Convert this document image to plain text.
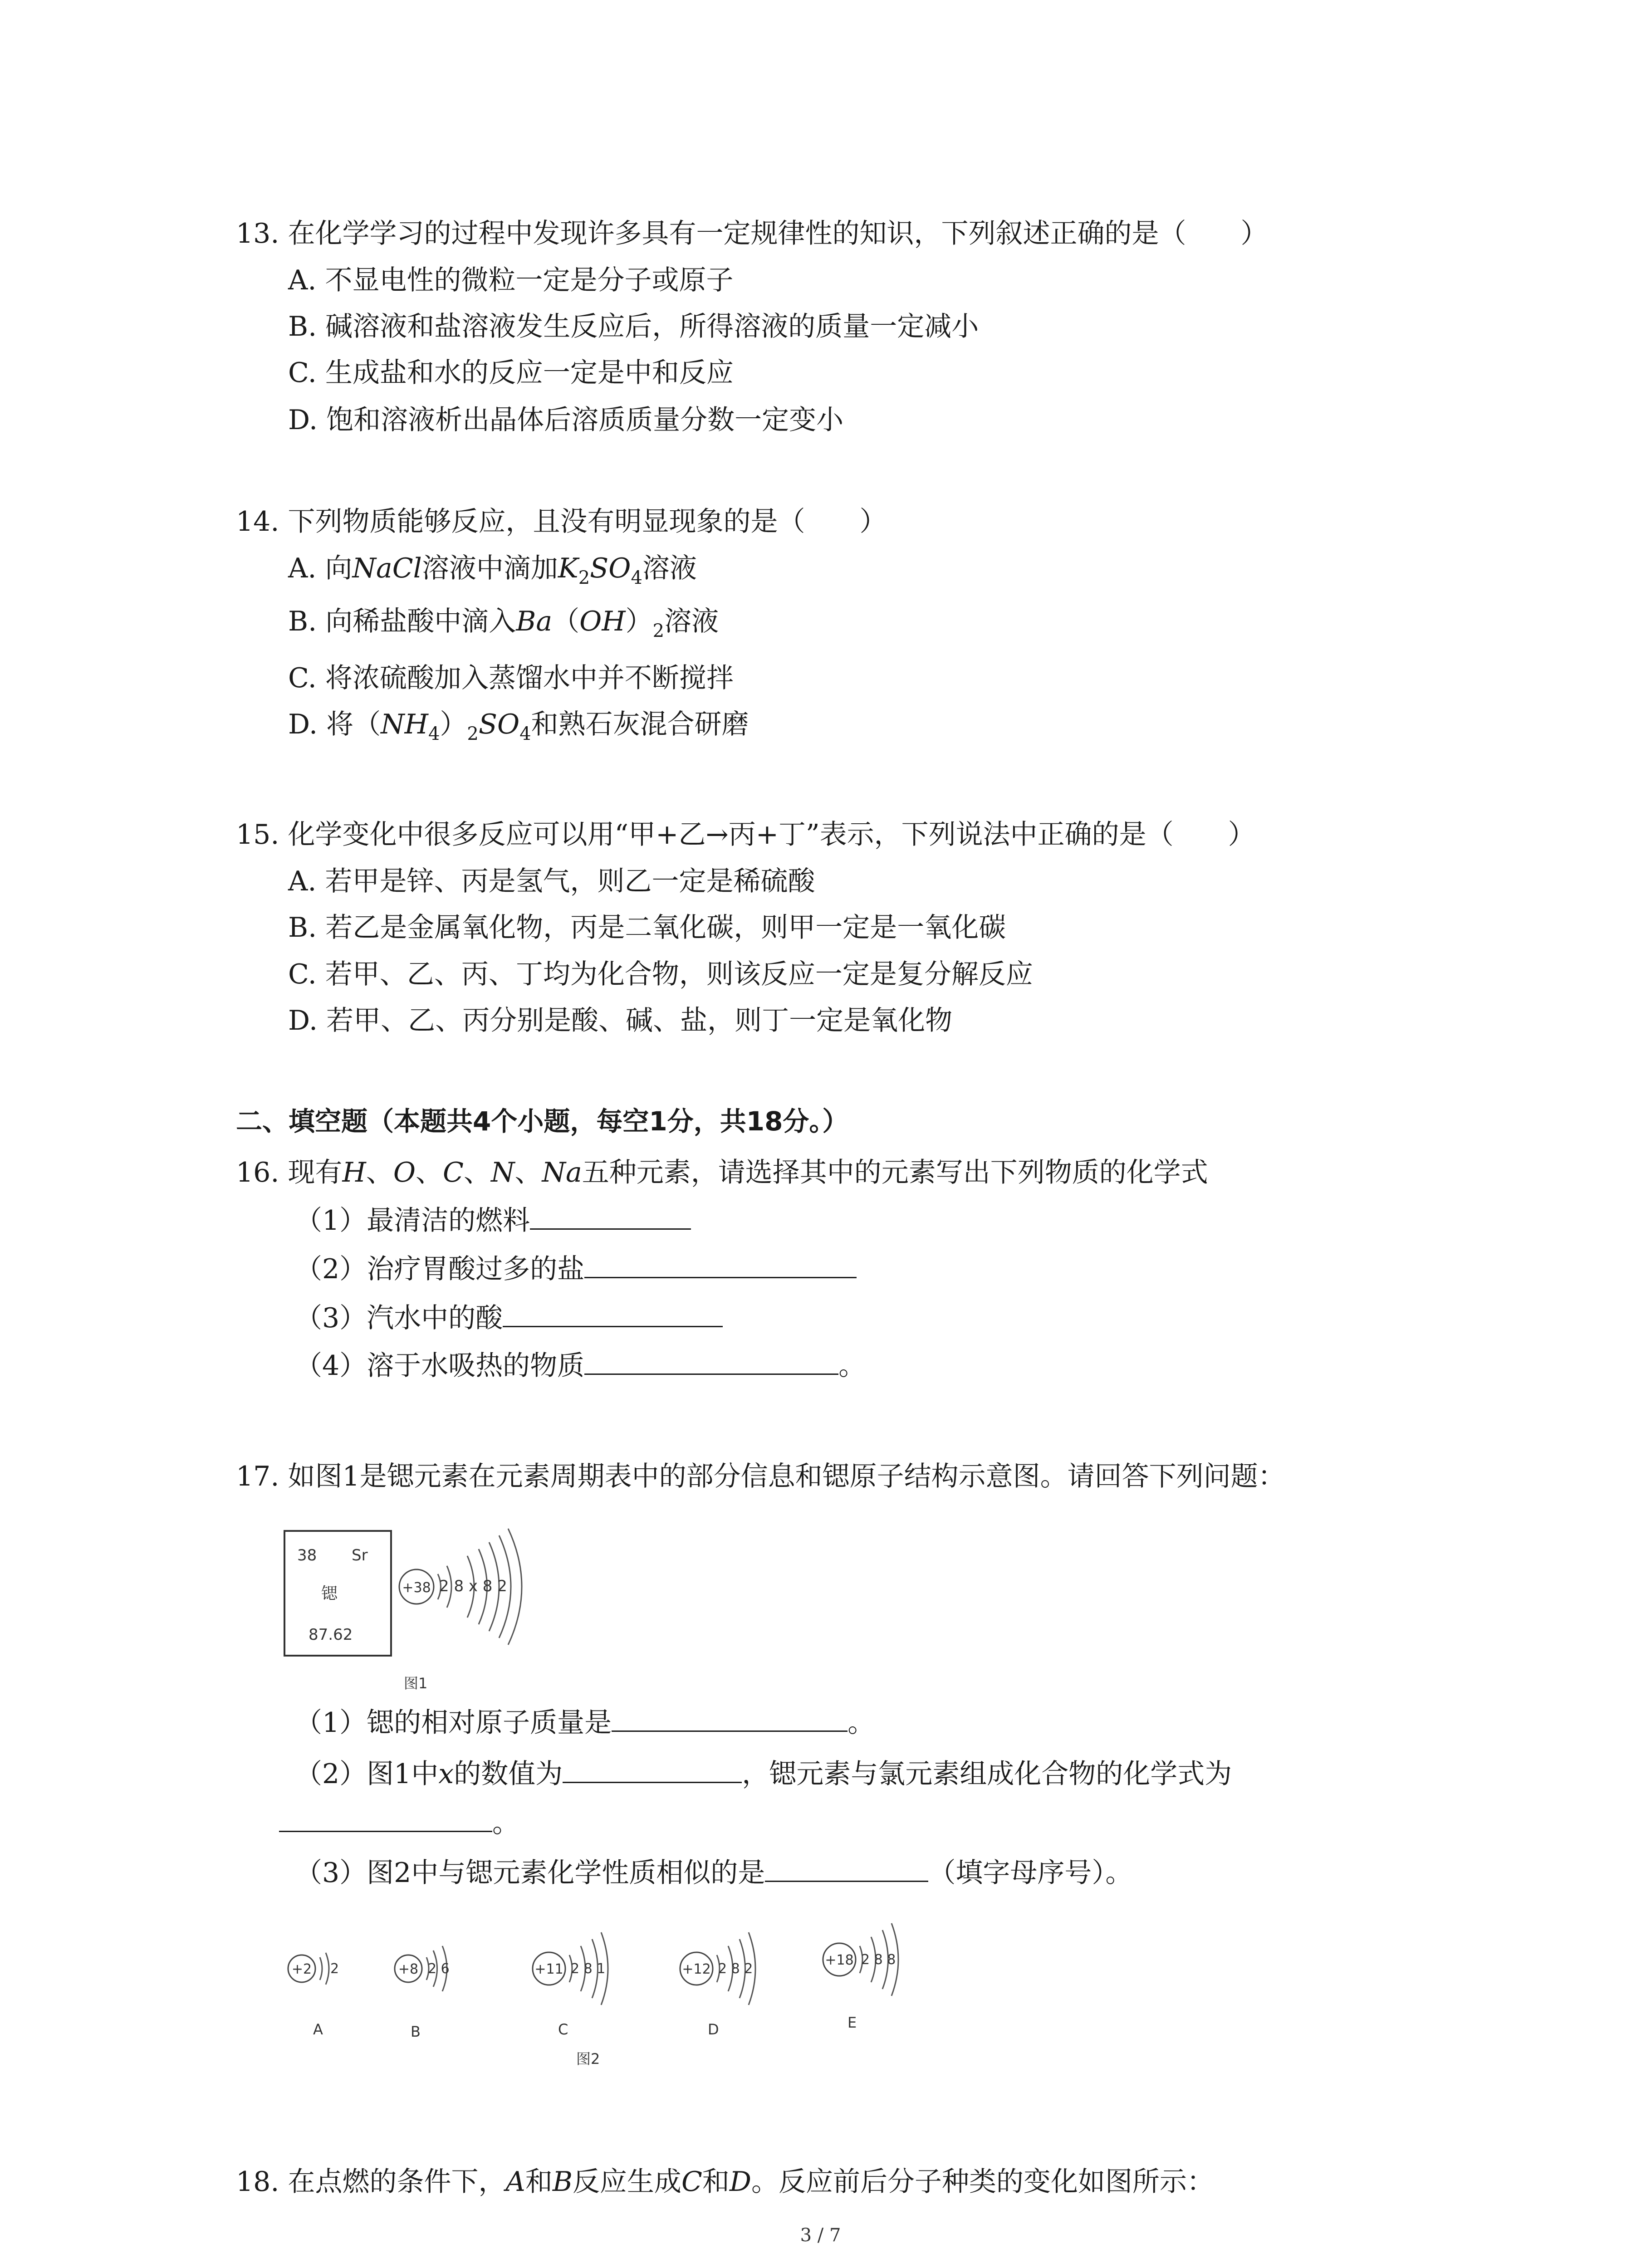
13. 在化学学习的过程中发现许多具有一定规律性的知识，下列叙述正确的是（　　）
A. 不显电性的微粒一定是分子或原子
B. 碱溶液和盐溶液发生反应后，所得溶液的质量一定减小
C. 生成盐和水的反应一定是中和反应
D. 饱和溶液析出晶体后溶质质量分数一定变小
14. 下列物质能够反应，且没有明显现象的是（　　）
A. 向NaCl溶液中滴加$K_2SO_4$溶液
B. 向稀盐酸中滴入$Ba(OH)_2$溶液
C. 将浓硫酸加入蒸馏水中并不断搅拌
D. 将$(NH_4)_2SO_4$和熟石灰混合研磨
15. 化学变化中很多反应可以用“甲+乙→丙+丁”表示，下列说法中正确的是（　　）
A. 若甲是锌、丙是氢气，则乙一定是稀硫酸
B. 若乙是金属氧化物，丙是二氧化碳，则甲一定是一氧化碳
C. 若甲、乙、丙、丁均为化合物，则该反应一定是复分解反应
D. 若甲、乙、丙分别是酸、碱、盐，则丁一定是氧化物
二、填空题（本题共4个小题，每空1分，共18分。）
16. 现有H、O、C、N、Na五种元素，请选择其中的元素写出下列物质的化学式
（1）最清洁的燃料
（2）治疗胃酸过多的盐
（3）汽水中的酸
（4）溶于水吸热的物质	。
17. 如图1是锶元素在元素周期表中的部分信息和锶原子结构示意图。请回答下列问题：
38 Sr
锶
87.62
+38 2 8 x 8 2
图1
（1）锶的相对原子质量是	。
（2）图1中x的数值为	，锶元素与氯元素组成化合物的化学式为
。
（3）图2中与锶元素化学性质相似的是	（填字母序号）。
+2 2
A
+8 2 6
B
+11 2 8 1
C
+12 2 8 2
D
+18 2 8 8
E
图2
18. 在点燃的条件下，A和B反应生成C和D。反应前后分子种类的变化如图所示：
3 / 7
